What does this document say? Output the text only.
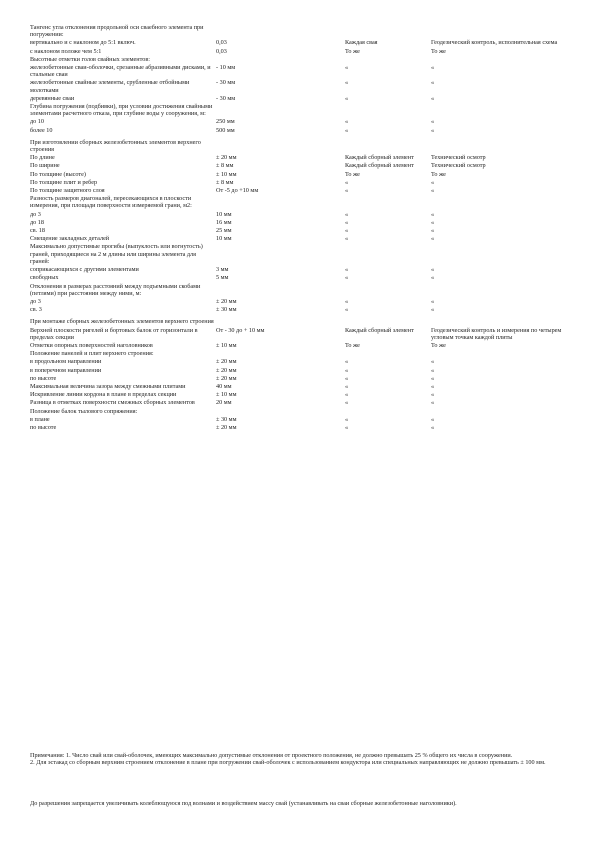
Тангенс угла отклонения продольной оси сваебного элемента при погружении:			
вертикально и с наклоном до 5:1 включ.	0,03	Каждая свая	Геодезический контроль, исполнительная схема
с наклоном положе чем 5:1	0,03	То же	То же
Высотные отметки голов свайных элементов:			
железобетонные сваи-оболочки, срезанные абразивными дисками, и стальные сваи	- 10 мм	«	«
железобетонные свайные элементы, срубленные отбойными молотками	- 30 мм	«	«
деревянные сваи	- 30 мм	«	«
Глубина погружения (подбивки), при условии достижения свайными элементами расчетного отказа, при глубине воды у сооружения, м:			
до 10	250 мм	«	«
более 10	500 мм	«	«
При изготовлении сборных железобетонных элементов верхнего строения			
По длине	± 20 мм	Каждый сборный элемент	Технический осмотр
По ширине	± 8 мм	Каждый сборный элемент	Технический осмотр
По толщине (высоте)	± 10 мм	То же	То же
По толщине плит и ребер	± 8 мм	«	«
По толщине защитного слоя	От -5 до +10 мм	«	«
Разность размеров диагоналей, пересекающихся в плоскости измерения, при площади поверхности измеряемой грани, м2:			
до 3	10 мм	«	«
до 18	16 мм	«	«
св. 18	25 мм	«	«
Смещение закладных деталей	10 мм	«	«
Максимально допустимые прогибы (выпуклость или вогнутость) граней, приходящиеся на 2 м длины или ширины элемента для граней:			
соприкасающихся с другими элементами	3 мм	«	«
свободных	5 мм	«	«
Отклонения в размерах расстояний между подъемными скобами (петлями) при расстоянии между ними, м:			
до 3	± 20 мм	«	«
св. 3	± 30 мм	«	«
При монтаже сборных железобетонных элементов верхнего строения			
Верхней плоскости ригелей и бортовых балок от горизонтали в пределах секции	От - 30 до + 10 мм	Каждый сборный элемент	Геодезический контроль и измерения по четырем угловым точкам каждой плиты
Отметки опорных поверхностей наголовников	± 10 мм	То же	То же
Положение панелей и плит верхнего строения:			
в продольном направлении	± 20 мм	«	«
в поперечном направлении	± 20 мм	«	«
по высоте	± 20 мм	«	«
Максимальная величина зазора между смежными плитами	40 мм	«	«
Искривление линии кордона в плане в пределах секции	± 10 мм	«	«
Разница в отметках поверхности смежных сборных элементов	20 мм	«	«
Положение балок тылового сопряжения:			
в плане	± 30 мм	«	«
по высоте	± 20 мм	«	«

Примечания: 1. Число свай или свай-оболочек, имеющих максимально допустимые отклонения от проектного положения, не должно превышать 25 % общего их числа в сооружении.

2. Для эстакад со сборным верхним строением отклонение в плане при погружении свай-оболочек с использованием кондуктора или специальных направляющих не должно превышать ± 100 мм.

До разрешения запрещается увеличивать колеблющуюся под волнами и воздействием массу свай (устанавливать на сваи сборные железобетонные наголовники).
